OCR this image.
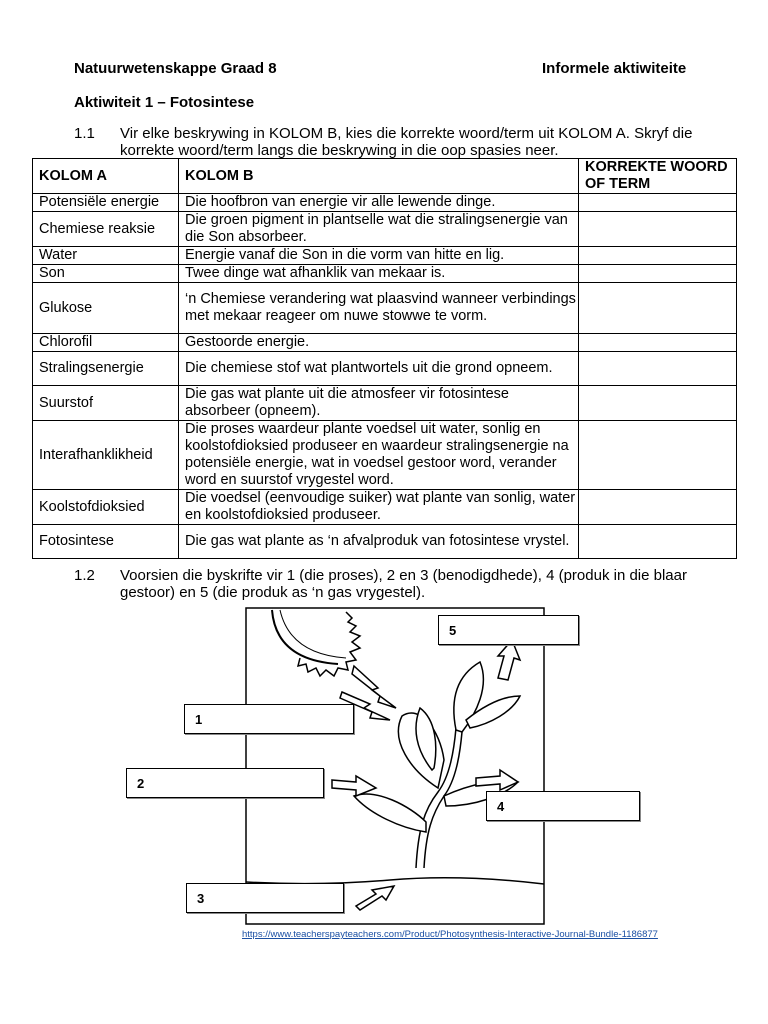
Natuurwetenskappe Graad 8	Informele aktiwiteite
Aktiwiteit 1 – Fotosintese
1.1 Vir elke beskrywing in KOLOM B, kies die korrekte woord/term uit KOLOM A. Skryf die korrekte woord/term langs die beskrywing in die oop spasies neer.
KOLOM A	KOLOM B	KORREKTE WOORD OF TERM
Potensiële energie	Die hoofbron van energie vir alle lewende dinge.	
Chemiese reaksie	Die groen pigment in plantselle wat die stralingsenergie van die Son absorbeer.	
Water	Energie vanaf die Son in die vorm van hitte en lig.	
Son	Twee dinge wat afhanklik van mekaar is.	
Glukose	‘n Chemiese verandering wat plaasvind wanneer verbindings met mekaar reageer om nuwe stowwe te vorm.	
Chlorofil	Gestoorde energie.	
Stralingsenergie	Die chemiese stof wat plantwortels uit die grond opneem.	
Suurstof	Die gas wat plante uit die atmosfeer vir fotosintese absorbeer (opneem).	
Interafhanklikheid	Die proses waardeur plante voedsel uit water, sonlig en koolstofdioksied produseer en waardeur stralingsenergie na potensiële energie, wat in voedsel gestoor word, verander word en suurstof vrygestel word.	
Koolstofdioksied	Die voedsel (eenvoudige suiker) wat plante van sonlig, water en koolstofdioksied produseer.	
Fotosintese	Die gas wat plante as ‘n afvalproduk van fotosintese vrystel.	
1.2 Voorsien die byskrifte vir 1 (die proses), 2 en 3 (benodigdhede), 4 (produk in die blaar gestoor) en 5 (die produk as ‘n gas vrygestel).
5
1
2
4
3
https://www.teacherspayteachers.com/Product/Photosynthesis-Interactive-Journal-Bundle-1186877
